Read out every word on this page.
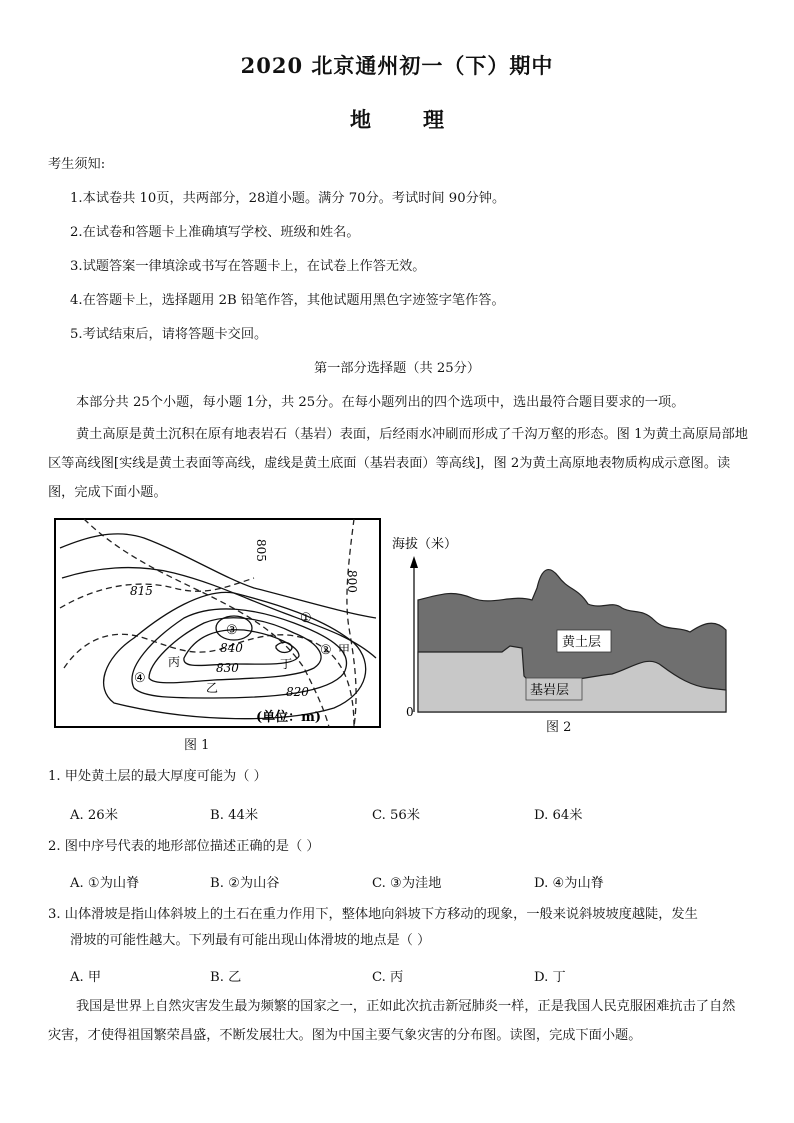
2020 北京通州初一（下）期中
地 理
考生须知:
1.本试卷共 10页，共两部分，28道小题。满分 70分。考试时间 90分钟。
2.在试卷和答题卡上准确填写学校、班级和姓名。
3.试题答案一律填涂或书写在答题卡上，在试卷上作答无效。
4.在答题卡上，选择题用 2B 铅笔作答，其他试题用黑色字迹签字笔作答。
5.考试结束后，请将答题卡交回。
第一部分选择题（共 25分）
本部分共 25个小题，每小题 1分，共 25分。在每小题列出的四个选项中，选出最符合题目要求的一项。
黄土高原是黄土沉积在原有地表岩石（基岩）表面，后经雨水冲刷而形成了千沟万壑的形态。图 1为黄土高原局部地区等高线图[实线是黄土表面等高线，虚线是黄土底面（基岩表面）等高线]，图 2为黄土高原地表物质构成示意图。读图，完成下面小题。
805
800
815
840
830
820
①
②
③
④
甲
乙
丙	丁
(单位：m)
图 1
海拔（米）
0
黄土层
基岩层
图 2
1. 甲处黄土层的最大厚度可能为（ ）
A. 26米	B. 44米	C. 56米	D. 64米
2. 图中序号代表的地形部位描述正确的是（ ）
A. ①为山脊	B. ②为山谷	C. ③为洼地	D. ④为山脊
3. 山体滑坡是指山体斜坡上的土石在重力作用下，整体地向斜坡下方移动的现象，一般来说斜坡坡度越陡，发生
滑坡的可能性越大。下列最有可能出现山体滑坡的地点是（ ）
A. 甲	B. 乙	C. 丙	D. 丁
我国是世界上自然灾害发生最为频繁的国家之一，正如此次抗击新冠肺炎一样，正是我国人民克服困难抗击了自然灾害，才使得祖国繁荣昌盛，不断发展壮大。图为中国主要气象灾害的分布图。读图，完成下面小题。
